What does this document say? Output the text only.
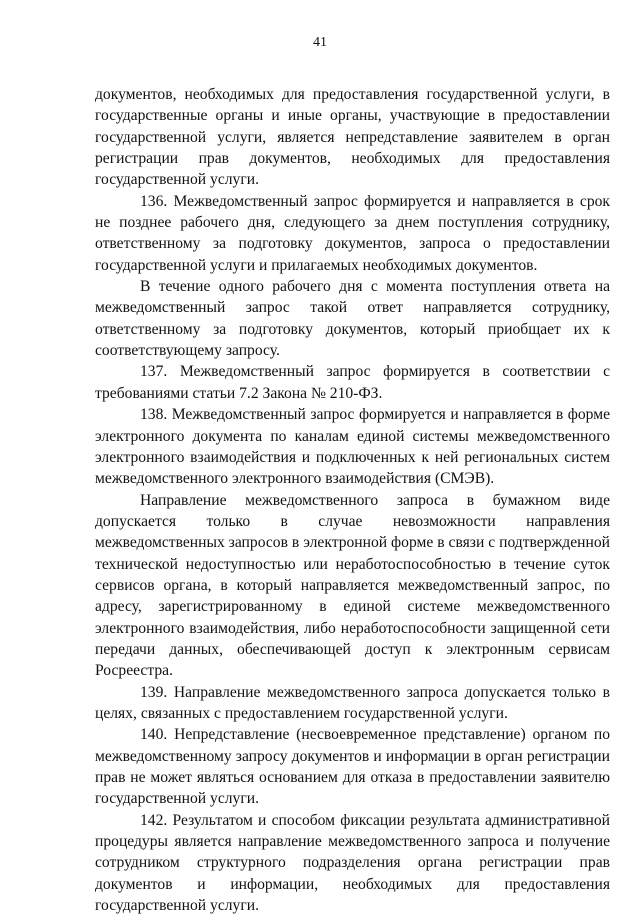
41

документов, необходимых для предоставления государственной услуги, в государственные органы и иные органы, участвующие в предоставлении государственной услуги, является непредставление заявителем в орган регистрации прав документов, необходимых для предоставления государственной услуги.

136. Межведомственный запрос формируется и направляется в срок не позднее рабочего дня, следующего за днем поступления сотруднику, ответственному за подготовку документов, запроса о предоставлении государственной услуги и прилагаемых необходимых документов.

В течение одного рабочего дня с момента поступления ответа на межведомственный запрос такой ответ направляется сотруднику, ответственному за подготовку документов, который приобщает их к соответствующему запросу.

137. Межведомственный запрос формируется в соответствии с требованиями статьи 7.2 Закона № 210-ФЗ.

138. Межведомственный запрос формируется и направляется в форме электронного документа по каналам единой системы межведомственного электронного взаимодействия и подключенных к ней региональных систем межведомственного электронного взаимодействия (СМЭВ).

Направление межведомственного запроса в бумажном виде допускается только в случае невозможности направления межведомственных запросов в электронной форме в связи с подтвержденной технической недоступностью или неработоспособностью в течение суток сервисов органа, в который направляется межведомственный запрос, по адресу, зарегистрированному в единой системе межведомственного электронного взаимодействия, либо неработоспособности защищенной сети передачи данных, обеспечивающей доступ к электронным сервисам Росреестра.

139. Направление межведомственного запроса допускается только в целях, связанных с предоставлением государственной услуги.

140. Непредставление (несвоевременное представление) органом по межведомственному запросу документов и информации в орган регистрации прав не может являться основанием для отказа в предоставлении заявителю государственной услуги.

142. Результатом и способом фиксации результата административной процедуры является направление межведомственного запроса и получение сотрудником структурного подразделения органа регистрации прав документов и информации, необходимых для предоставления государственной услуги.
